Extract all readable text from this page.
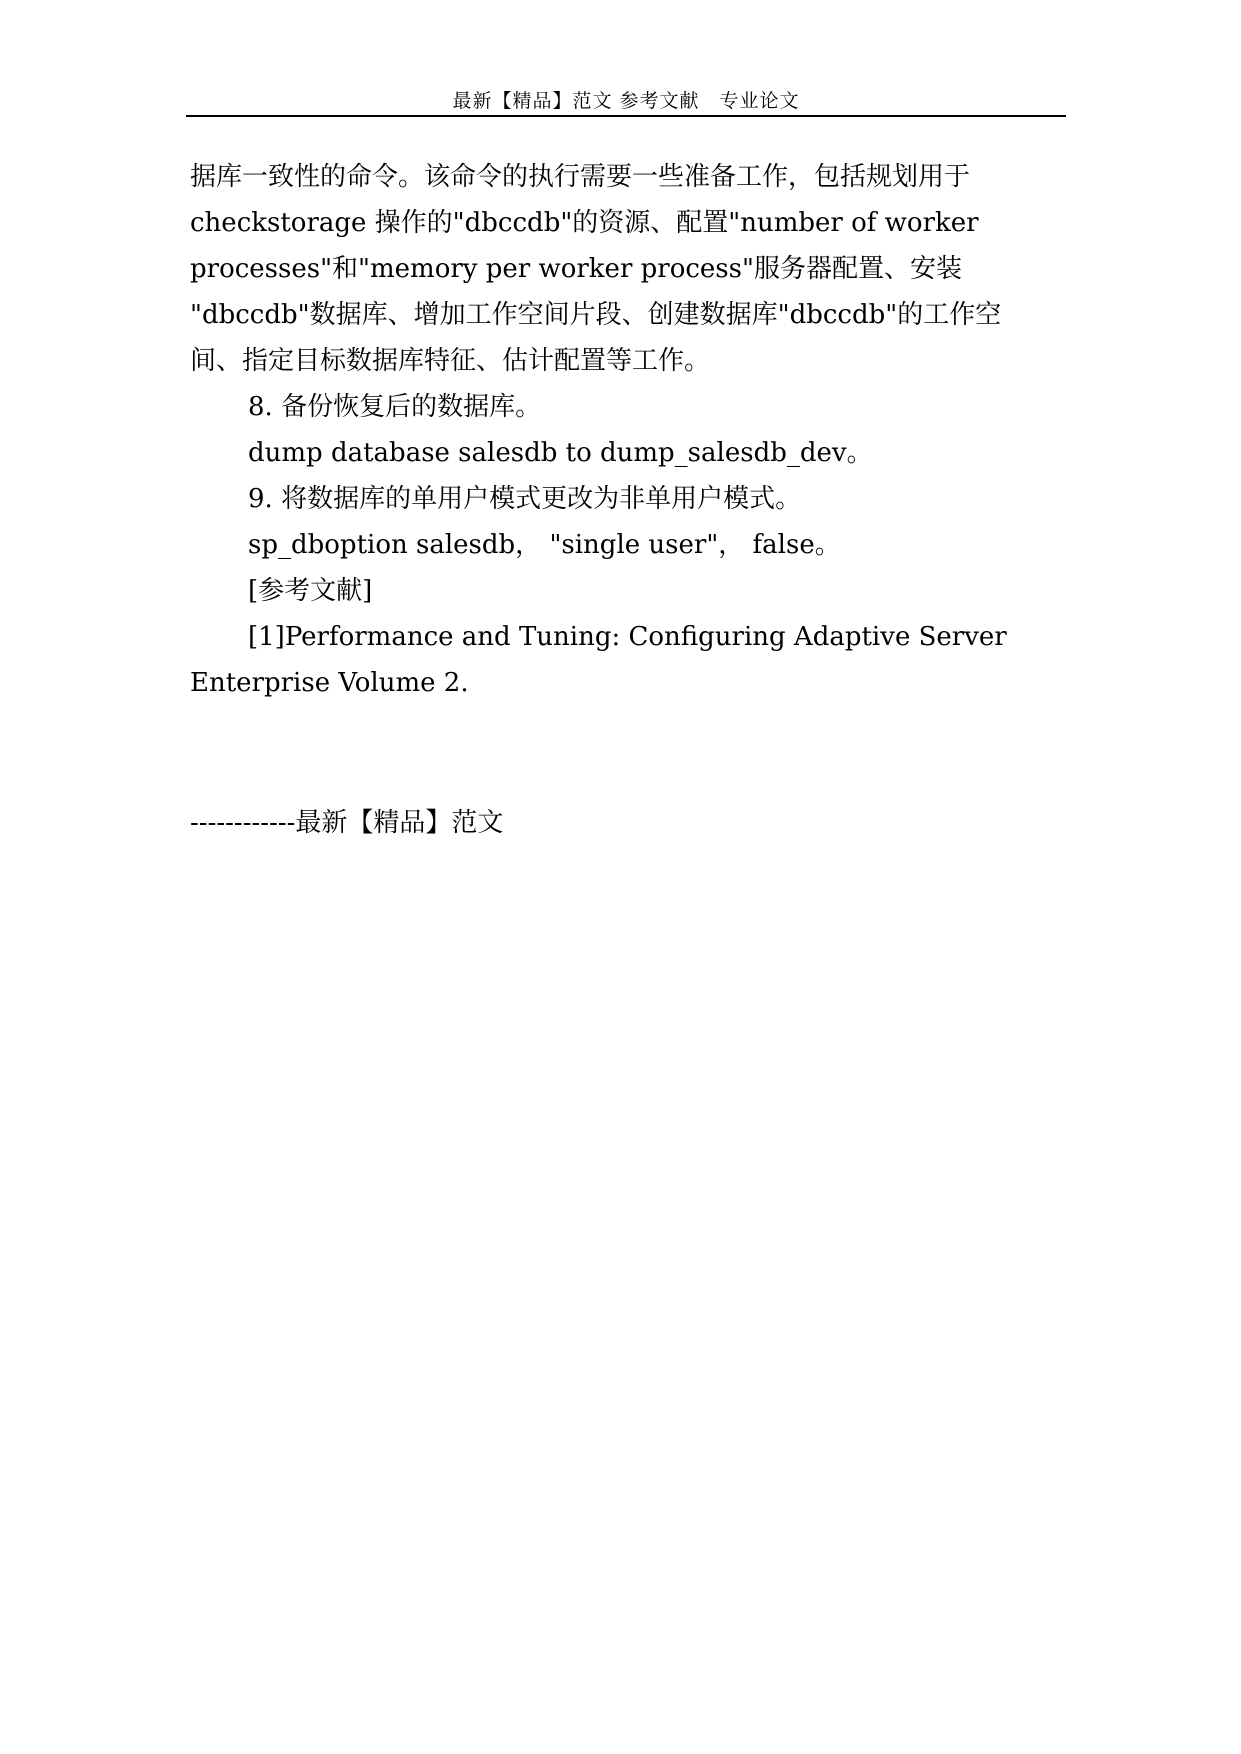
最新【精品】范文 参考文献　专业论文
据库一致性的命令。该命令的执行需要一些准备工作，包括规划用于
checkstorage 操作的"dbccdb"的资源、配置"number of worker
processes"和"memory per worker process"服务器配置、安装
"dbccdb"数据库、增加工作空间片段、创建数据库"dbccdb"的工作空
间、指定目标数据库特征、估计配置等工作。
8. 备份恢复后的数据库。
dump database salesdb to dump_salesdb_dev。
9. 将数据库的单用户模式更改为非单用户模式。
sp_dboption salesdb， "single user"， false。
[参考文献]
[1]Performance and Tuning: Configuring Adaptive Server
Enterprise Volume 2.
------------最新【精品】范文
